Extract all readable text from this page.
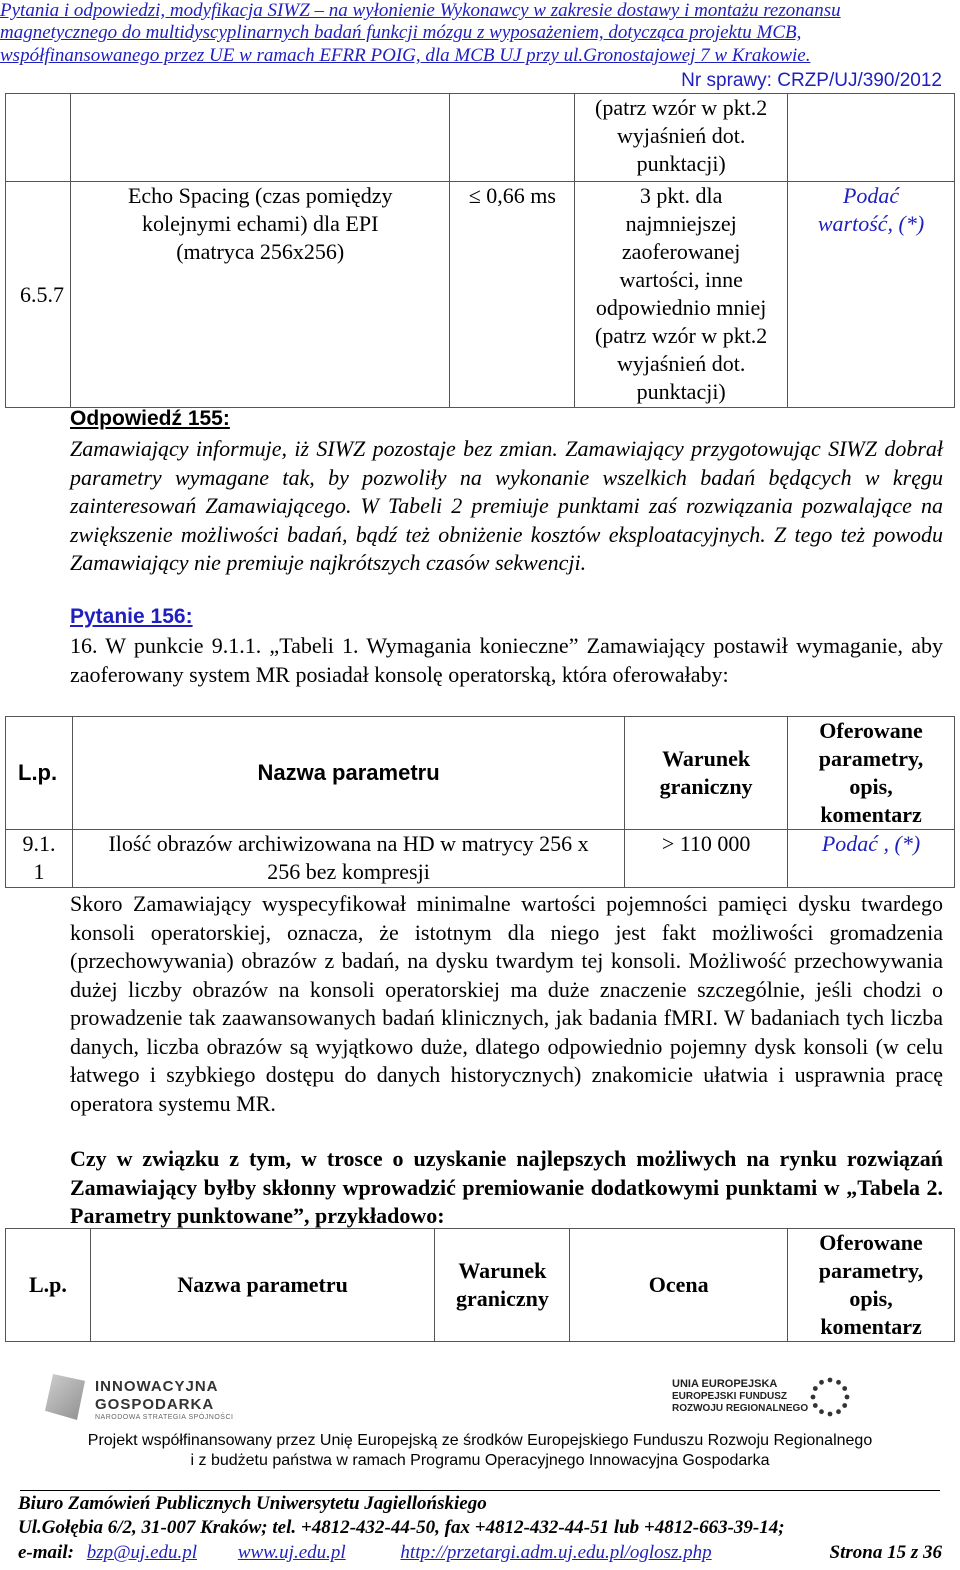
Pytania i odpowiedzi, modyfikacja SIWZ – na wyłonienie Wykonawcy w zakresie dostawy i montażu rezonansu
magnetycznego do multidyscyplinarnych badań funkcji mózgu z wyposażeniem, dotycząca projektu MCB,
współfinansowanego przez UE w ramach EFRR POIG, dla MCB UJ przy ul.Gronostajowej 7 w Krakowie.
Nr sprawy: CRZP/UJ/390/2012
			(patrz wzór w pkt.2 wyjaśnień dot. punktacji)	
6.5.7	Echo Spacing (czas pomiędzy kolejnymi echami) dla EPI (matryca 256x256)	≤ 0,66 ms	3 pkt. dla najmniejszej zaoferowanej wartości, inne odpowiednio mniej (patrz wzór w pkt.2 wyjaśnień dot. punktacji)	Podać wartość, (*)
Odpowiedź 155:
Zamawiający informuje, iż SIWZ pozostaje bez zmian. Zamawiający przygotowując SIWZ dobrał parametry wymagane tak, by pozwoliły na wykonanie wszelkich badań będących w kręgu zainteresowań Zamawiającego. W Tabeli 2 premiuje punktami zaś rozwiązania pozwalające na zwiększenie możliwości badań, bądź też obniżenie kosztów eksploatacyjnych. Z tego też powodu Zamawiający nie premiuje najkrótszych czasów sekwencji.
Pytanie 156:
16. W punkcie 9.1.1. „Tabeli 1. Wymagania konieczne” Zamawiający postawił wymaganie, aby zaoferowany system MR posiadał konsolę operatorską, która oferowałaby:
L.p.	Nazwa parametru	Warunek graniczny	Oferowane parametry, opis, komentarz
9.1. 1	Ilość obrazów archiwizowana na HD w matrycy 256 x 256 bez kompresji	> 110 000	Podać , (*)
Skoro Zamawiający wyspecyfikował minimalne wartości pojemności pamięci dysku twardego konsoli operatorskiej, oznacza, że istotnym dla niego jest fakt możliwości gromadzenia (przechowywania) obrazów z badań, na dysku twardym tej konsoli. Możliwość przechowywania dużej liczby obrazów na konsoli operatorskiej ma duże znaczenie szczególnie, jeśli chodzi o prowadzenie tak zaawansowanych badań klinicznych, jak badania fMRI. W badaniach tych liczba danych, liczba obrazów są wyjątkowo duże, dlatego odpowiednio pojemny dysk konsoli (w celu łatwego i szybkiego dostępu do danych historycznych) znakomicie ułatwia i usprawnia pracę operatora systemu MR.
Czy w związku z tym, w trosce o uzyskanie najlepszych możliwych na rynku rozwiązań Zamawiający byłby skłonny wprowadzić premiowanie dodatkowymi punktami w „Tabela 2. Parametry punktowane”, przykładowo:
L.p.	Nazwa parametru	Warunek graniczny	Ocena	Oferowane parametry, opis, komentarz
INNOWACYJNA
GOSPODARKA
NARODOWA STRATEGIA SPÓJNOŚCI
UNIA EUROPEJSKA
EUROPEJSKI FUNDUSZ
ROZWOJU REGIONALNEGO
Projekt współfinansowany przez Unię Europejską ze środków Europejskiego Funduszu Rozwoju Regionalnego
i z budżetu państwa w ramach Programu Operacyjnego Innowacyjna Gospodarka
Biuro Zamówień Publicznych Uniwersytetu Jagiellońskiego
Ul.Gołębia 6/2, 31-007 Kraków; tel. +4812-432-44-50, fax +4812-432-44-51 lub +4812-663-39-14;
e-mail: bzp@uj.edu.pl www.uj.edu.pl	http://przetargi.adm.uj.edu.pl/oglosz.php	Strona 15 z 36
